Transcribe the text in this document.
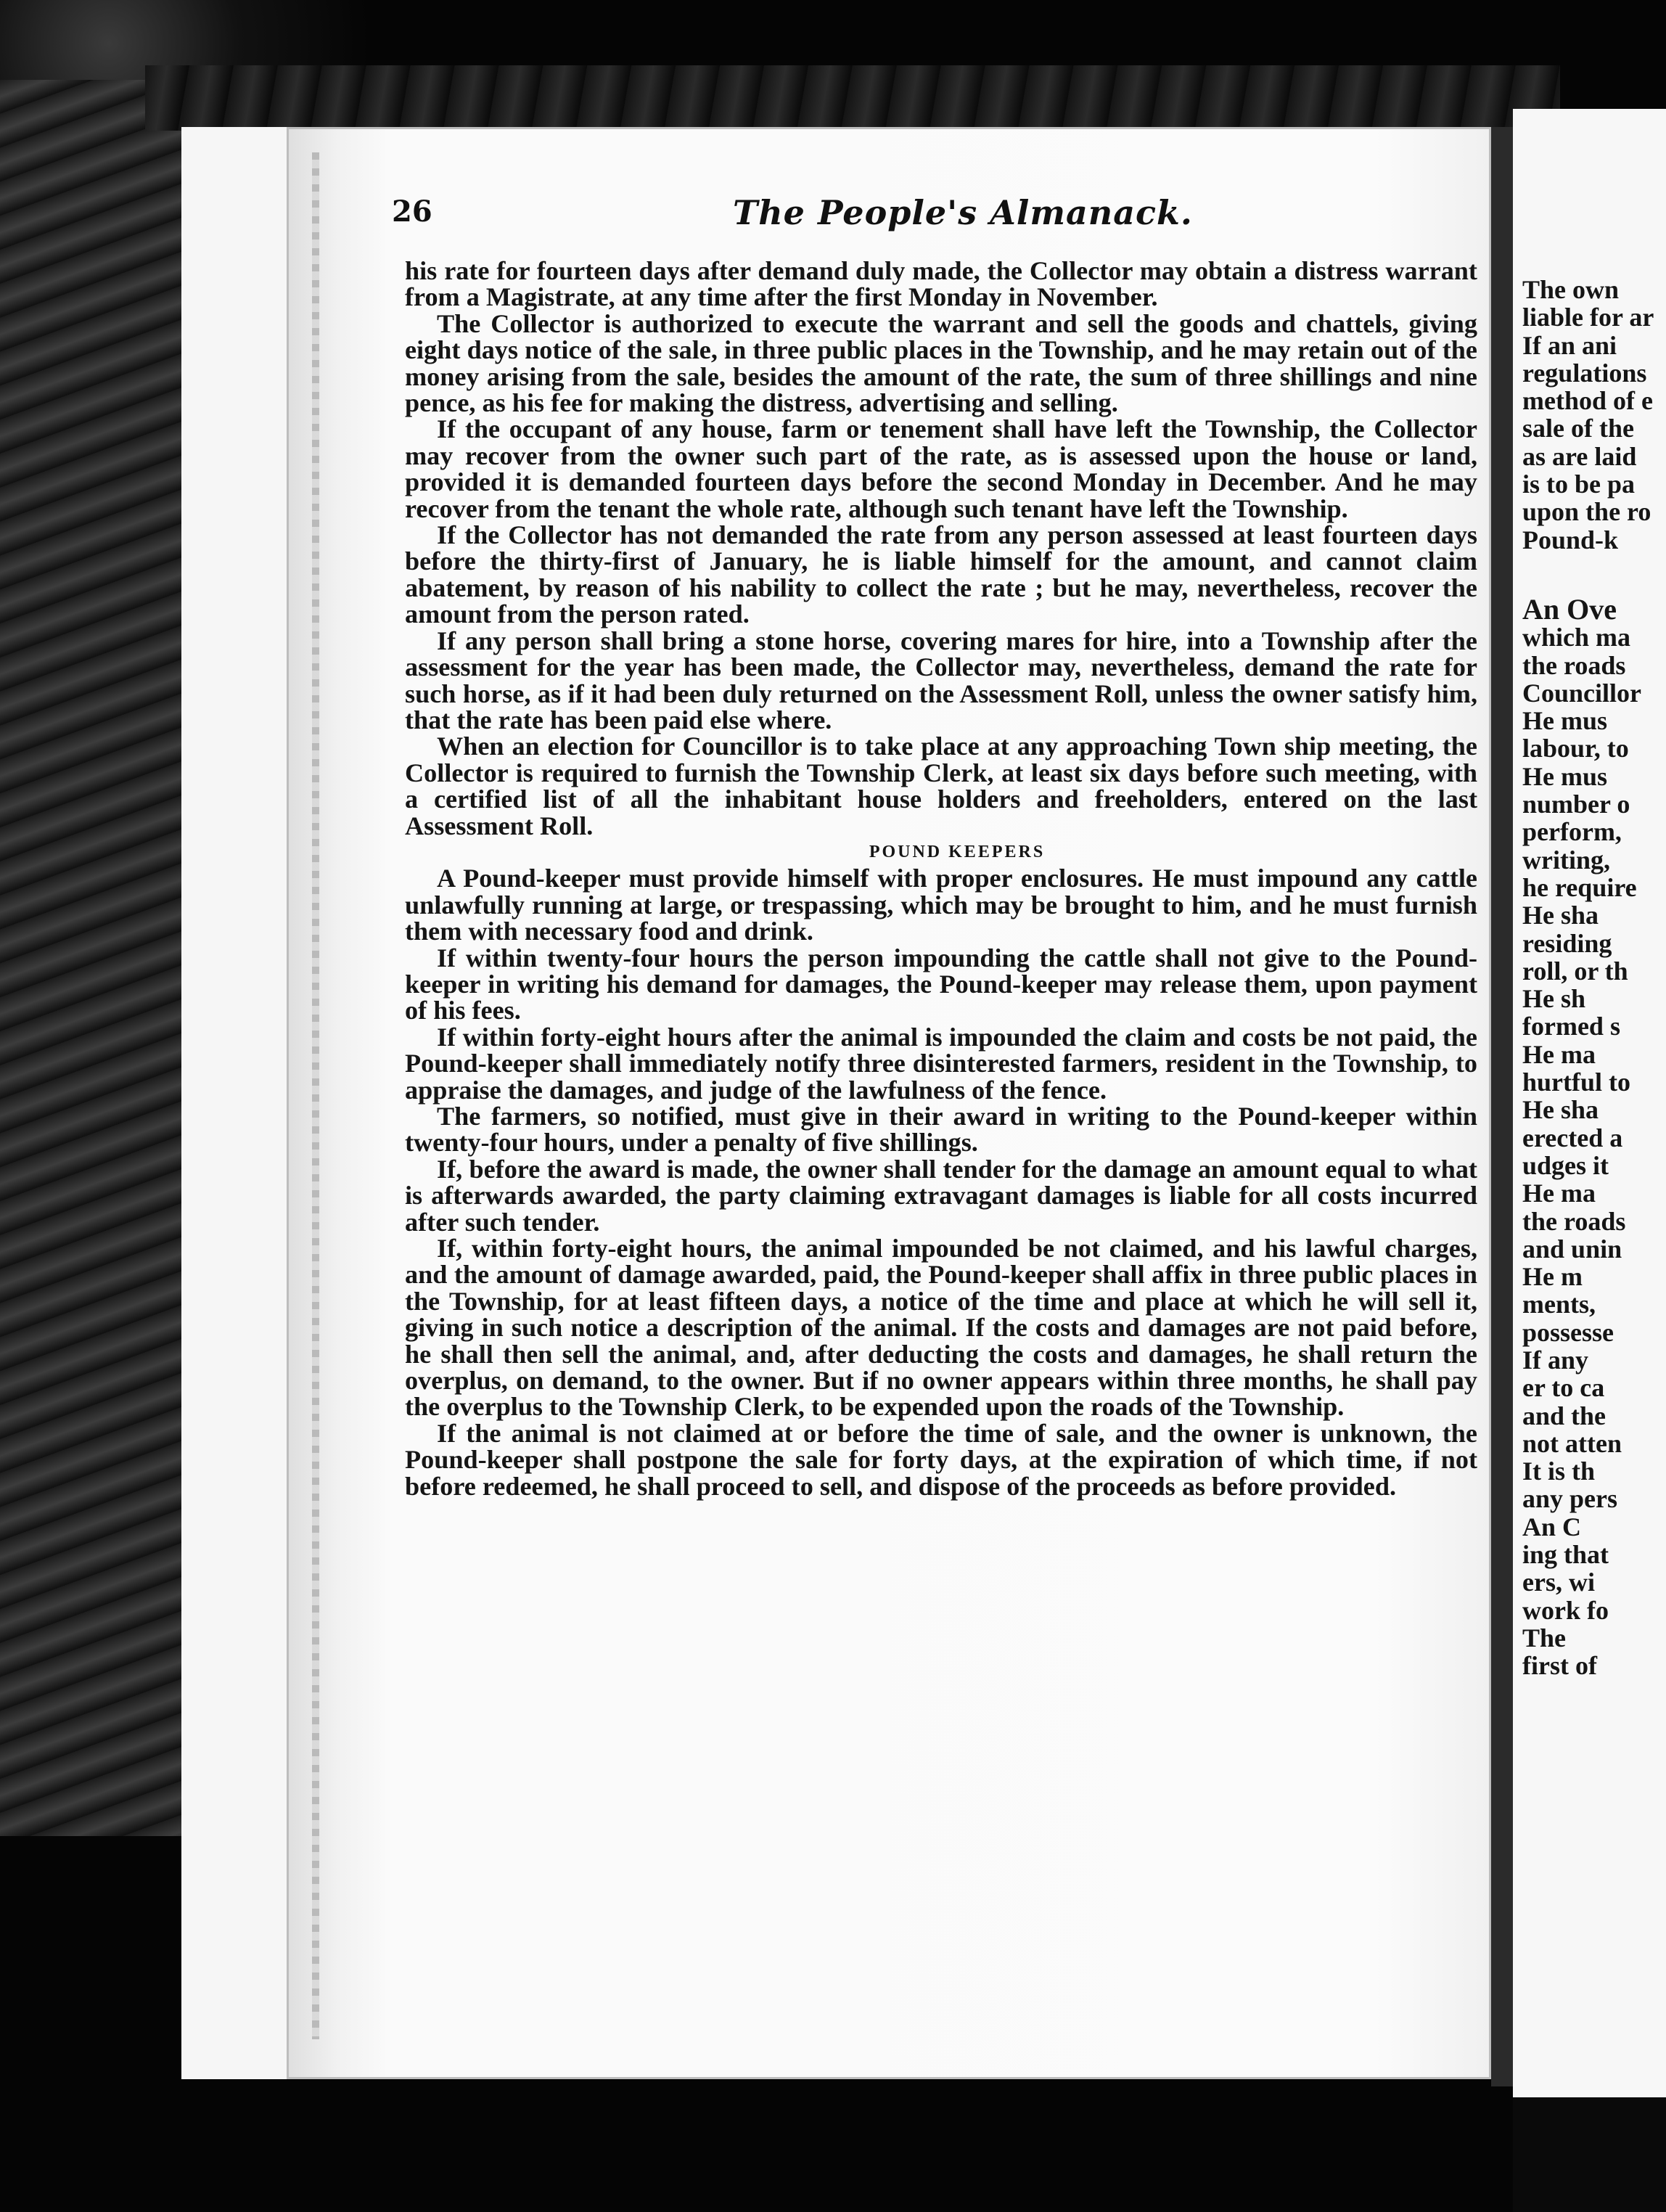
26	The People's Almanack.

his rate for fourteen days after demand duly made, the Collector may obtain a distress warrant from a Magistrate, at any time after the first Monday in November.

The Collector is authorized to execute the warrant and sell the goods and chattels, giving eight days notice of the sale, in three public places in the Township, and he may retain out of the money arising from the sale, besides the amount of the rate, the sum of three shillings and nine pence, as his fee for making the distress, advertising and selling.

If the occupant of any house, farm or tenement shall have left the Township, the Collector may recover from the owner such part of the rate, as is assessed upon the house or land, provided it is demanded fourteen days before the second Monday in December. And he may recover from the tenant the whole rate, although such tenant have left the Township.

If the Collector has not demanded the rate from any person assessed at least fourteen days before the thirty-first of January, he is liable himself for the amount, and cannot claim abatement, by reason of his nability to collect the rate ; but he may, nevertheless, recover the amount from the person rated.

If any person shall bring a stone horse, covering mares for hire, into a Township after the assessment for the year has been made, the Collector may, nevertheless, demand the rate for such horse, as if it had been duly returned on the Assessment Roll, unless the owner satisfy him, that the rate has been paid else where.

When an election for Councillor is to take place at any approaching Town ship meeting, the Collector is required to furnish the Township Clerk, at least six days before such meeting, with a certified list of all the inhabitant house holders and freeholders, entered on the last Assessment Roll.

POUND KEEPERS

A Pound-keeper must provide himself with proper enclosures. He must impound any cattle unlawfully running at large, or trespassing, which may be brought to him, and he must furnish them with necessary food and drink.

If within twenty-four hours the person impounding the cattle shall not give to the Pound-keeper in writing his demand for damages, the Pound-keeper may release them, upon payment of his fees.

If within forty-eight hours after the animal is impounded the claim and costs be not paid, the Pound-keeper shall immediately notify three disinterested farmers, resident in the Township, to appraise the damages, and judge of the lawfulness of the fence.

The farmers, so notified, must give in their award in writing to the Pound-keeper within twenty-four hours, under a penalty of five shillings.

If, before the award is made, the owner shall tender for the damage an amount equal to what is afterwards awarded, the party claiming extravagant damages is liable for all costs incurred after such tender.

If, within forty-eight hours, the animal impounded be not claimed, and his lawful charges, and the amount of damage awarded, paid, the Pound-keeper shall affix in three public places in the Township, for at least fifteen days, a notice of the time and place at which he will sell it, giving in such notice a description of the animal. If the costs and damages are not paid before, he shall then sell the animal, and, after deducting the costs and damages, he shall return the overplus, on demand, to the owner. But if no owner appears within three months, he shall pay the overplus to the Township Clerk, to be expended upon the roads of the Township.

If the animal is not claimed at or before the time of sale, and the owner is unknown, the Pound-keeper shall postpone the sale for forty days, at the expiration of which time, if not before redeemed, he shall proceed to sell, and dispose of the proceeds as before provided.

The own
liable for ar
If an ani
regulations
method of e
sale of the
as are laid
is to be pa
upon the ro
Pound-k
An Ove
which ma
the roads
Councillor
He mus
labour, to
He mus
number o
perform,
writing,
he require
He sha
residing
roll, or th
He sh
formed s
He ma
hurtful to
He sha
erected a
udges it
He ma
the roads
and unin
He m
ments,
possesse
If any
er to ca
and the
not atten
It is th
any pers
An C
ing that
ers, wi
work fo
The
first of
